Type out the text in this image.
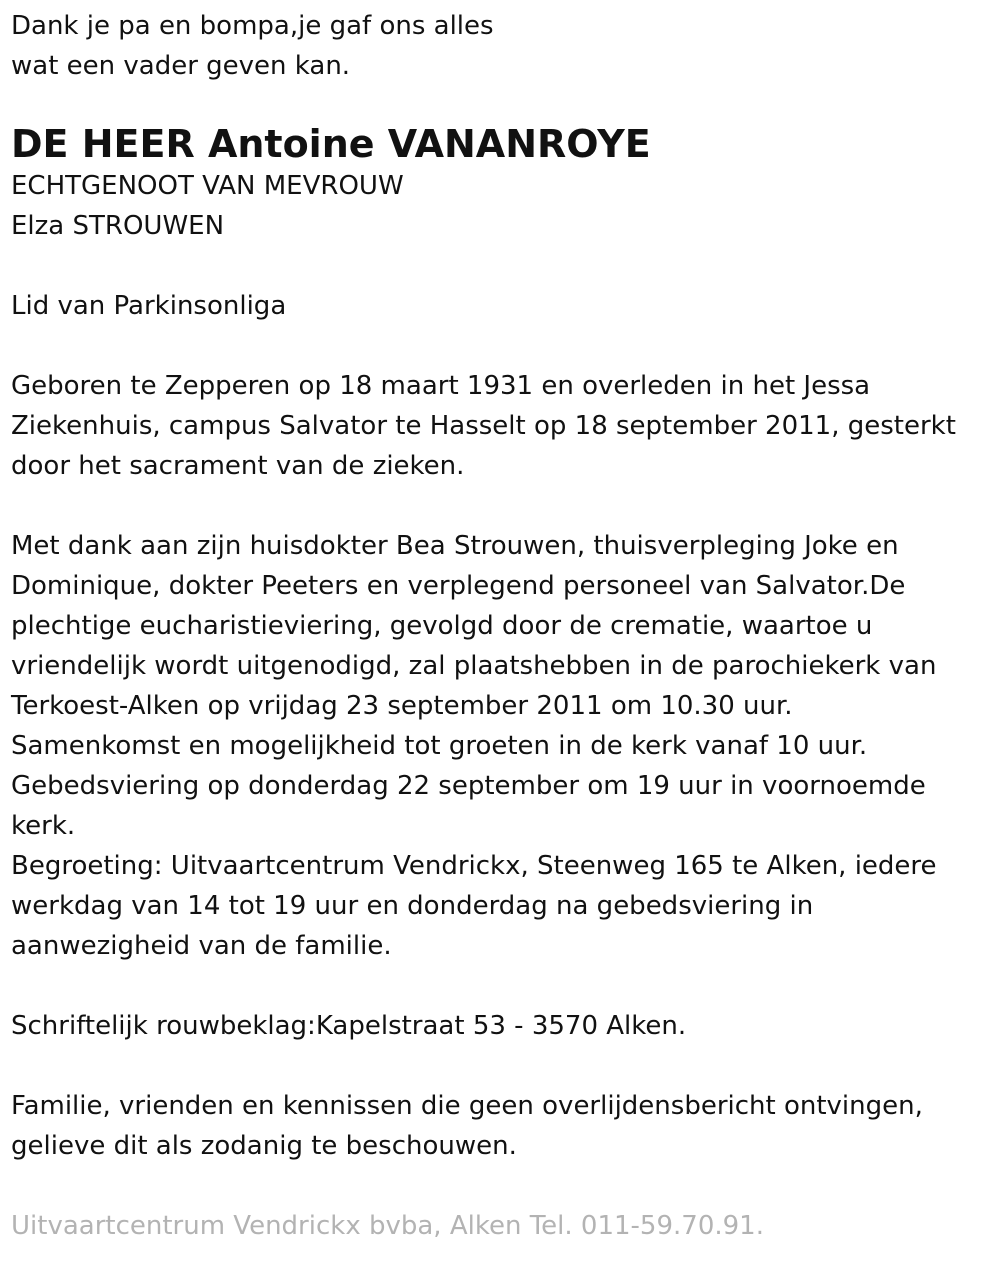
Dank je pa en bompa,je gaf ons alles
wat een vader geven kan.
DE HEER Antoine VANANROYE
ECHTGENOOT VAN MEVROUW
Elza STROUWEN
Lid van Parkinsonliga
Geboren te Zepperen op 18 maart 1931 en overleden in het Jessa
Ziekenhuis, campus Salvator te Hasselt op 18 september 2011, gesterkt
door het sacrament van de zieken.
Met dank aan zijn huisdokter Bea Strouwen, thuisverpleging Joke en
Dominique, dokter Peeters en verplegend personeel van Salvator.De
plechtige eucharistieviering, gevolgd door de crematie, waartoe u
vriendelijk wordt uitgenodigd, zal plaatshebben in de parochiekerk van
Terkoest-Alken op vrijdag 23 september 2011 om 10.30 uur.
Samenkomst en mogelijkheid tot groeten in de kerk vanaf 10 uur.
Gebedsviering op donderdag 22 september om 19 uur in voornoemde
kerk.
Begroeting: Uitvaartcentrum Vendrickx, Steenweg 165 te Alken, iedere
werkdag van 14 tot 19 uur en donderdag na gebedsviering in
aanwezigheid van de familie.
Schriftelijk rouwbeklag:Kapelstraat 53 - 3570 Alken.
Familie, vrienden en kennissen die geen overlijdensbericht ontvingen,
gelieve dit als zodanig te beschouwen.
Uitvaartcentrum Vendrickx bvba, Alken Tel. 011-59.70.91.
